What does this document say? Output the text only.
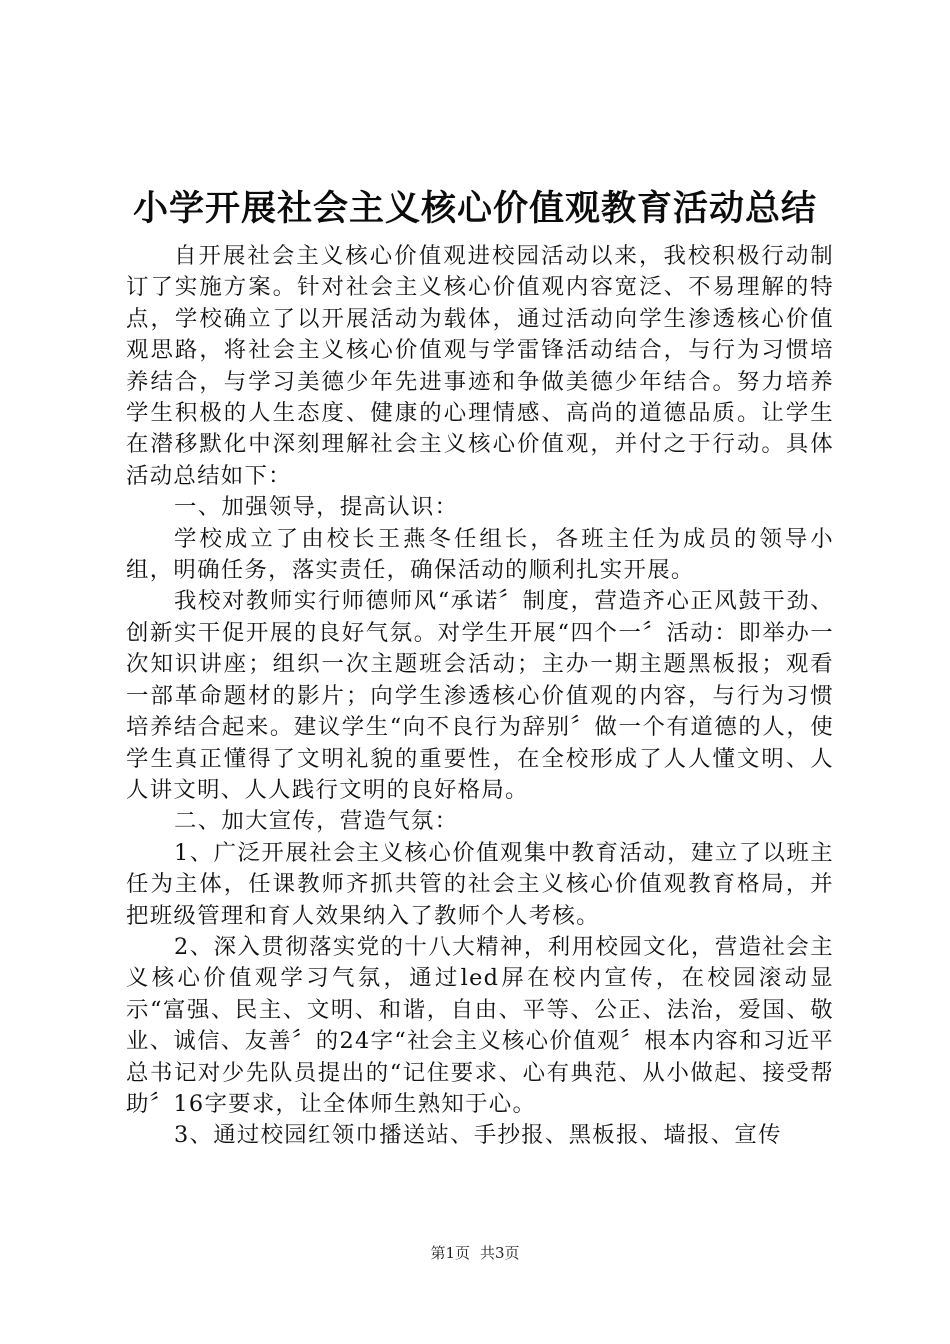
小学开展社会主义核心价值观教育活动总结

自开展社会主义核心价值观进校园活动以来，我校积极行动制订了实施方案。针对社会主义核心价值观内容宽泛、不易理解的特点，学校确立了以开展活动为载体，通过活动向学生渗透核心价值观思路，将社会主义核心价值观与学雷锋活动结合，与行为习惯培养结合，与学习美德少年先进事迹和争做美德少年结合。努力培养学生积极的人生态度、健康的心理情感、高尚的道德品质。让学生在潜移默化中深刻理解社会主义核心价值观，并付之于行动。具体活动总结如下：

一、加强领导，提高认识：

学校成立了由校长王燕冬任组长，各班主任为成员的领导小组，明确任务，落实责任，确保活动的顺利扎实开展。

我校对教师实行师德师风“承诺〞制度，营造齐心正风鼓干劲、创新实干促开展的良好气氛。对学生开展“四个一〞活动：即举办一次知识讲座；组织一次主题班会活动；主办一期主题黑板报；观看一部革命题材的影片；向学生渗透核心价值观的内容，与行为习惯培养结合起来。建议学生“向不良行为辞别〞做一个有道德的人，使学生真正懂得了文明礼貌的重要性，在全校形成了人人懂文明、人人讲文明、人人践行文明的良好格局。

二、加大宣传，营造气氛：

1、广泛开展社会主义核心价值观集中教育活动，建立了以班主任为主体，任课教师齐抓共管的社会主义核心价值观教育格局，并把班级管理和育人效果纳入了教师个人考核。

2、深入贯彻落实党的十八大精神，利用校园文化，营造社会主义核心价值观学习气氛，通过led屏在校内宣传，在校园滚动显示“富强、民主、文明、和谐，自由、平等、公正、法治，爱国、敬业、诚信、友善〞的24字“社会主义核心价值观〞根本内容和习近平总书记对少先队员提出的“记住要求、心有典范、从小做起、接受帮助〞16字要求，让全体师生熟知于心。

3、通过校园红领巾播送站、手抄报、黑板报、墙报、宣传

第1页 共3页
